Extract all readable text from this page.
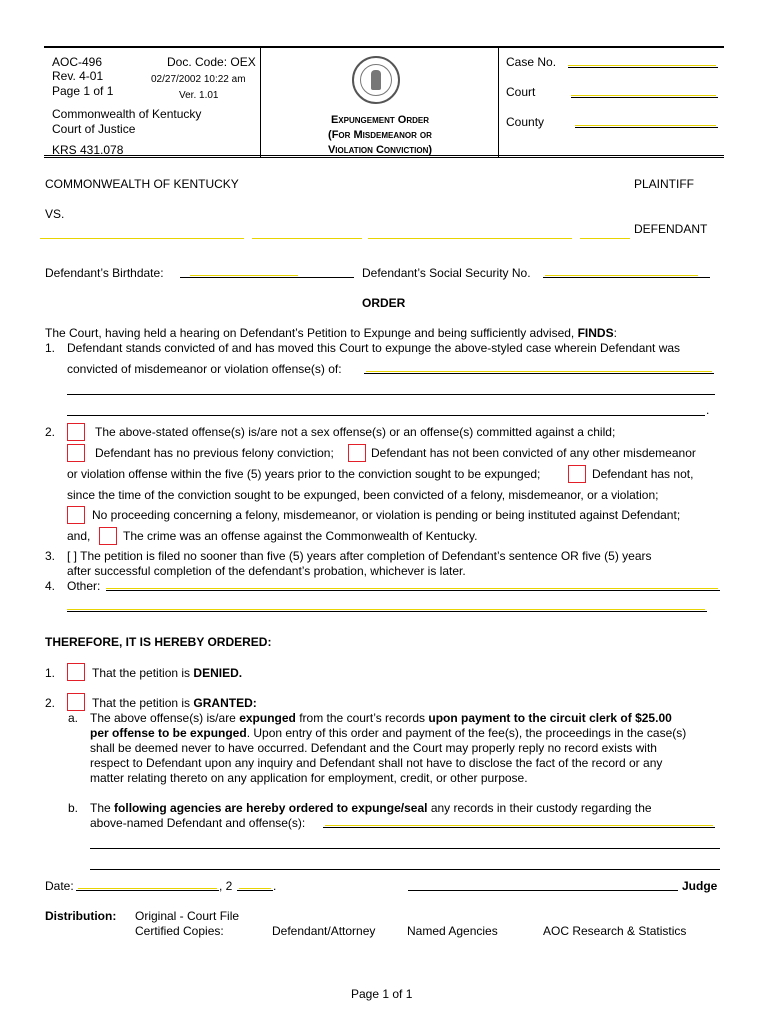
AOC-496
Rev. 4-01
Page 1 of 1
Doc. Code: OEX
02/27/2002 10:22 am
Ver. 1.01
Commonwealth of Kentucky
Court of Justice
KRS 431.078
Expungement Order
(For Misdemeanor or
Violation Conviction)
Case No.
Court
County
COMMONWEALTH OF KENTUCKY	PLAINTIFF
VS.
DEFENDANT
Defendant’s Birthdate:	Defendant’s Social Security No.
ORDER
The Court, having held a hearing on Defendant’s Petition to Expunge and being sufficiently advised, FINDS:
1. Defendant stands convicted of and has moved this Court to expunge the above-styled case wherein Defendant was
convicted of misdemeanor or violation offense(s) of:
.
2.	The above-stated offense(s) is/are not a sex offense(s) or an offense(s) committed against a child;
Defendant has no previous felony conviction;	Defendant has not been convicted of any other misdemeanor
or violation offense within the five (5) years prior to the conviction sought to be expunged;	Defendant has not,
since the time of the conviction sought to be expunged, been convicted of a felony, misdemeanor, or a violation;
No proceeding concerning a felony, misdemeanor, or violation is pending or being instituted against Defendant;
and,	The crime was an offense against the Commonwealth of Kentucky.
3. [ ] The petition is filed no sooner than five (5) years after completion of Defendant’s sentence OR five (5) years
after successful completion of the defendant’s probation, whichever is later.
4. Other:
THEREFORE, IT IS HEREBY ORDERED:
1.	That the petition is DENIED.
2.	That the petition is GRANTED:
a. The above offense(s) is/are expunged from the court’s records upon payment to the circuit clerk of $25.00
per offense to be expunged. Upon entry of this order and payment of the fee(s), the proceedings in the case(s)
shall be deemed never to have occurred. Defendant and the Court may properly reply no record exists with
respect to Defendant upon any inquiry and Defendant shall not have to disclose the fact of the record or any
matter relating thereto on any application for employment, credit, or other purpose.
b. The following agencies are hereby ordered to expunge/seal any records in their custody regarding the
above-named Defendant and offense(s):
Date:	, 2	.	Judge
Distribution: Original - Court File
Certified Copies:	Defendant/Attorney	Named Agencies	AOC Research & Statistics
Page 1 of 1
